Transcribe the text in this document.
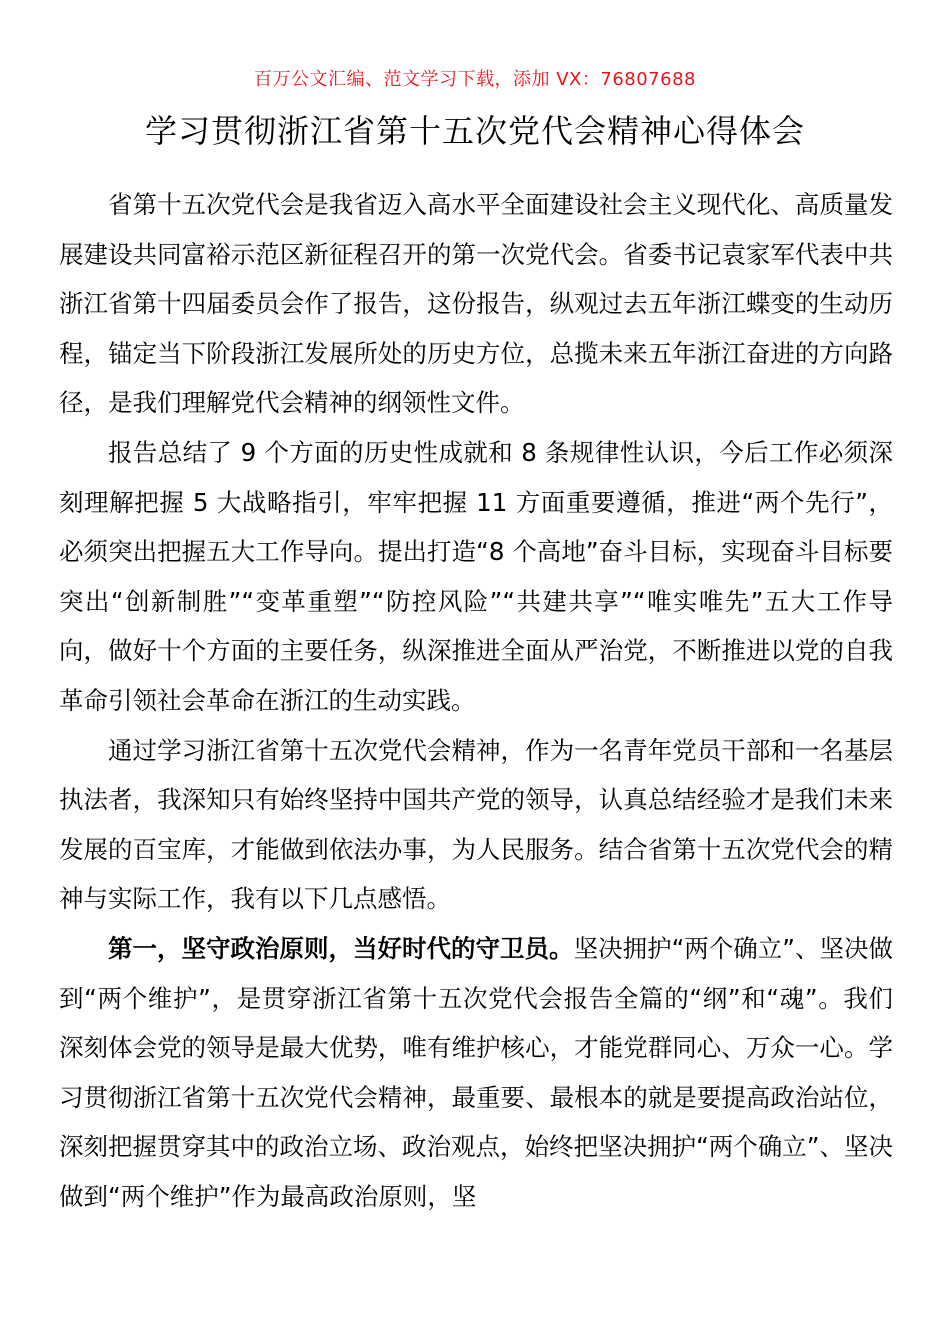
百万公文汇编、范文学习下载，添加 VX：76807688
学习贯彻浙江省第十五次党代会精神心得体会

省第十五次党代会是我省迈入高水平全面建设社会主义现代化、高质量发展建设共同富裕示范区新征程召开的第一次党代会。省委书记袁家军代表中共浙江省第十四届委员会作了报告，这份报告，纵观过去五年浙江蝶变的生动历程，锚定当下阶段浙江发展所处的历史方位，总揽未来五年浙江奋进的方向路径，是我们理解党代会精神的纲领性文件。

报告总结了 9 个方面的历史性成就和 8 条规律性认识，今后工作必须深刻理解把握 5 大战略指引，牢牢把握 11 方面重要遵循，推进“两个先行”，必须突出把握五大工作导向。提出打造“8 个高地”奋斗目标，实现奋斗目标要突出“创新制胜”“变革重塑”“防控风险”“共建共享”“唯实唯先”五大工作导向，做好十个方面的主要任务，纵深推进全面从严治党，不断推进以党的自我革命引领社会革命在浙江的生动实践。

通过学习浙江省第十五次党代会精神，作为一名青年党员干部和一名基层执法者，我深知只有始终坚持中国共产党的领导，认真总结经验才是我们未来发展的百宝库，才能做到依法办事，为人民服务。结合省第十五次党代会的精神与实际工作，我有以下几点感悟。

第一，坚守政治原则，当好时代的守卫员。坚决拥护“两个确立”、坚决做到“两个维护”，是贯穿浙江省第十五次党代会报告全篇的“纲”和“魂”。我们深刻体会党的领导是最大优势，唯有维护核心，才能党群同心、万众一心。学习贯彻浙江省第十五次党代会精神，最重要、最根本的就是要提高政治站位，深刻把握贯穿其中的政治立场、政治观点，始终把坚决拥护“两个确立”、坚决做到“两个维护”作为最高政治原则，坚
